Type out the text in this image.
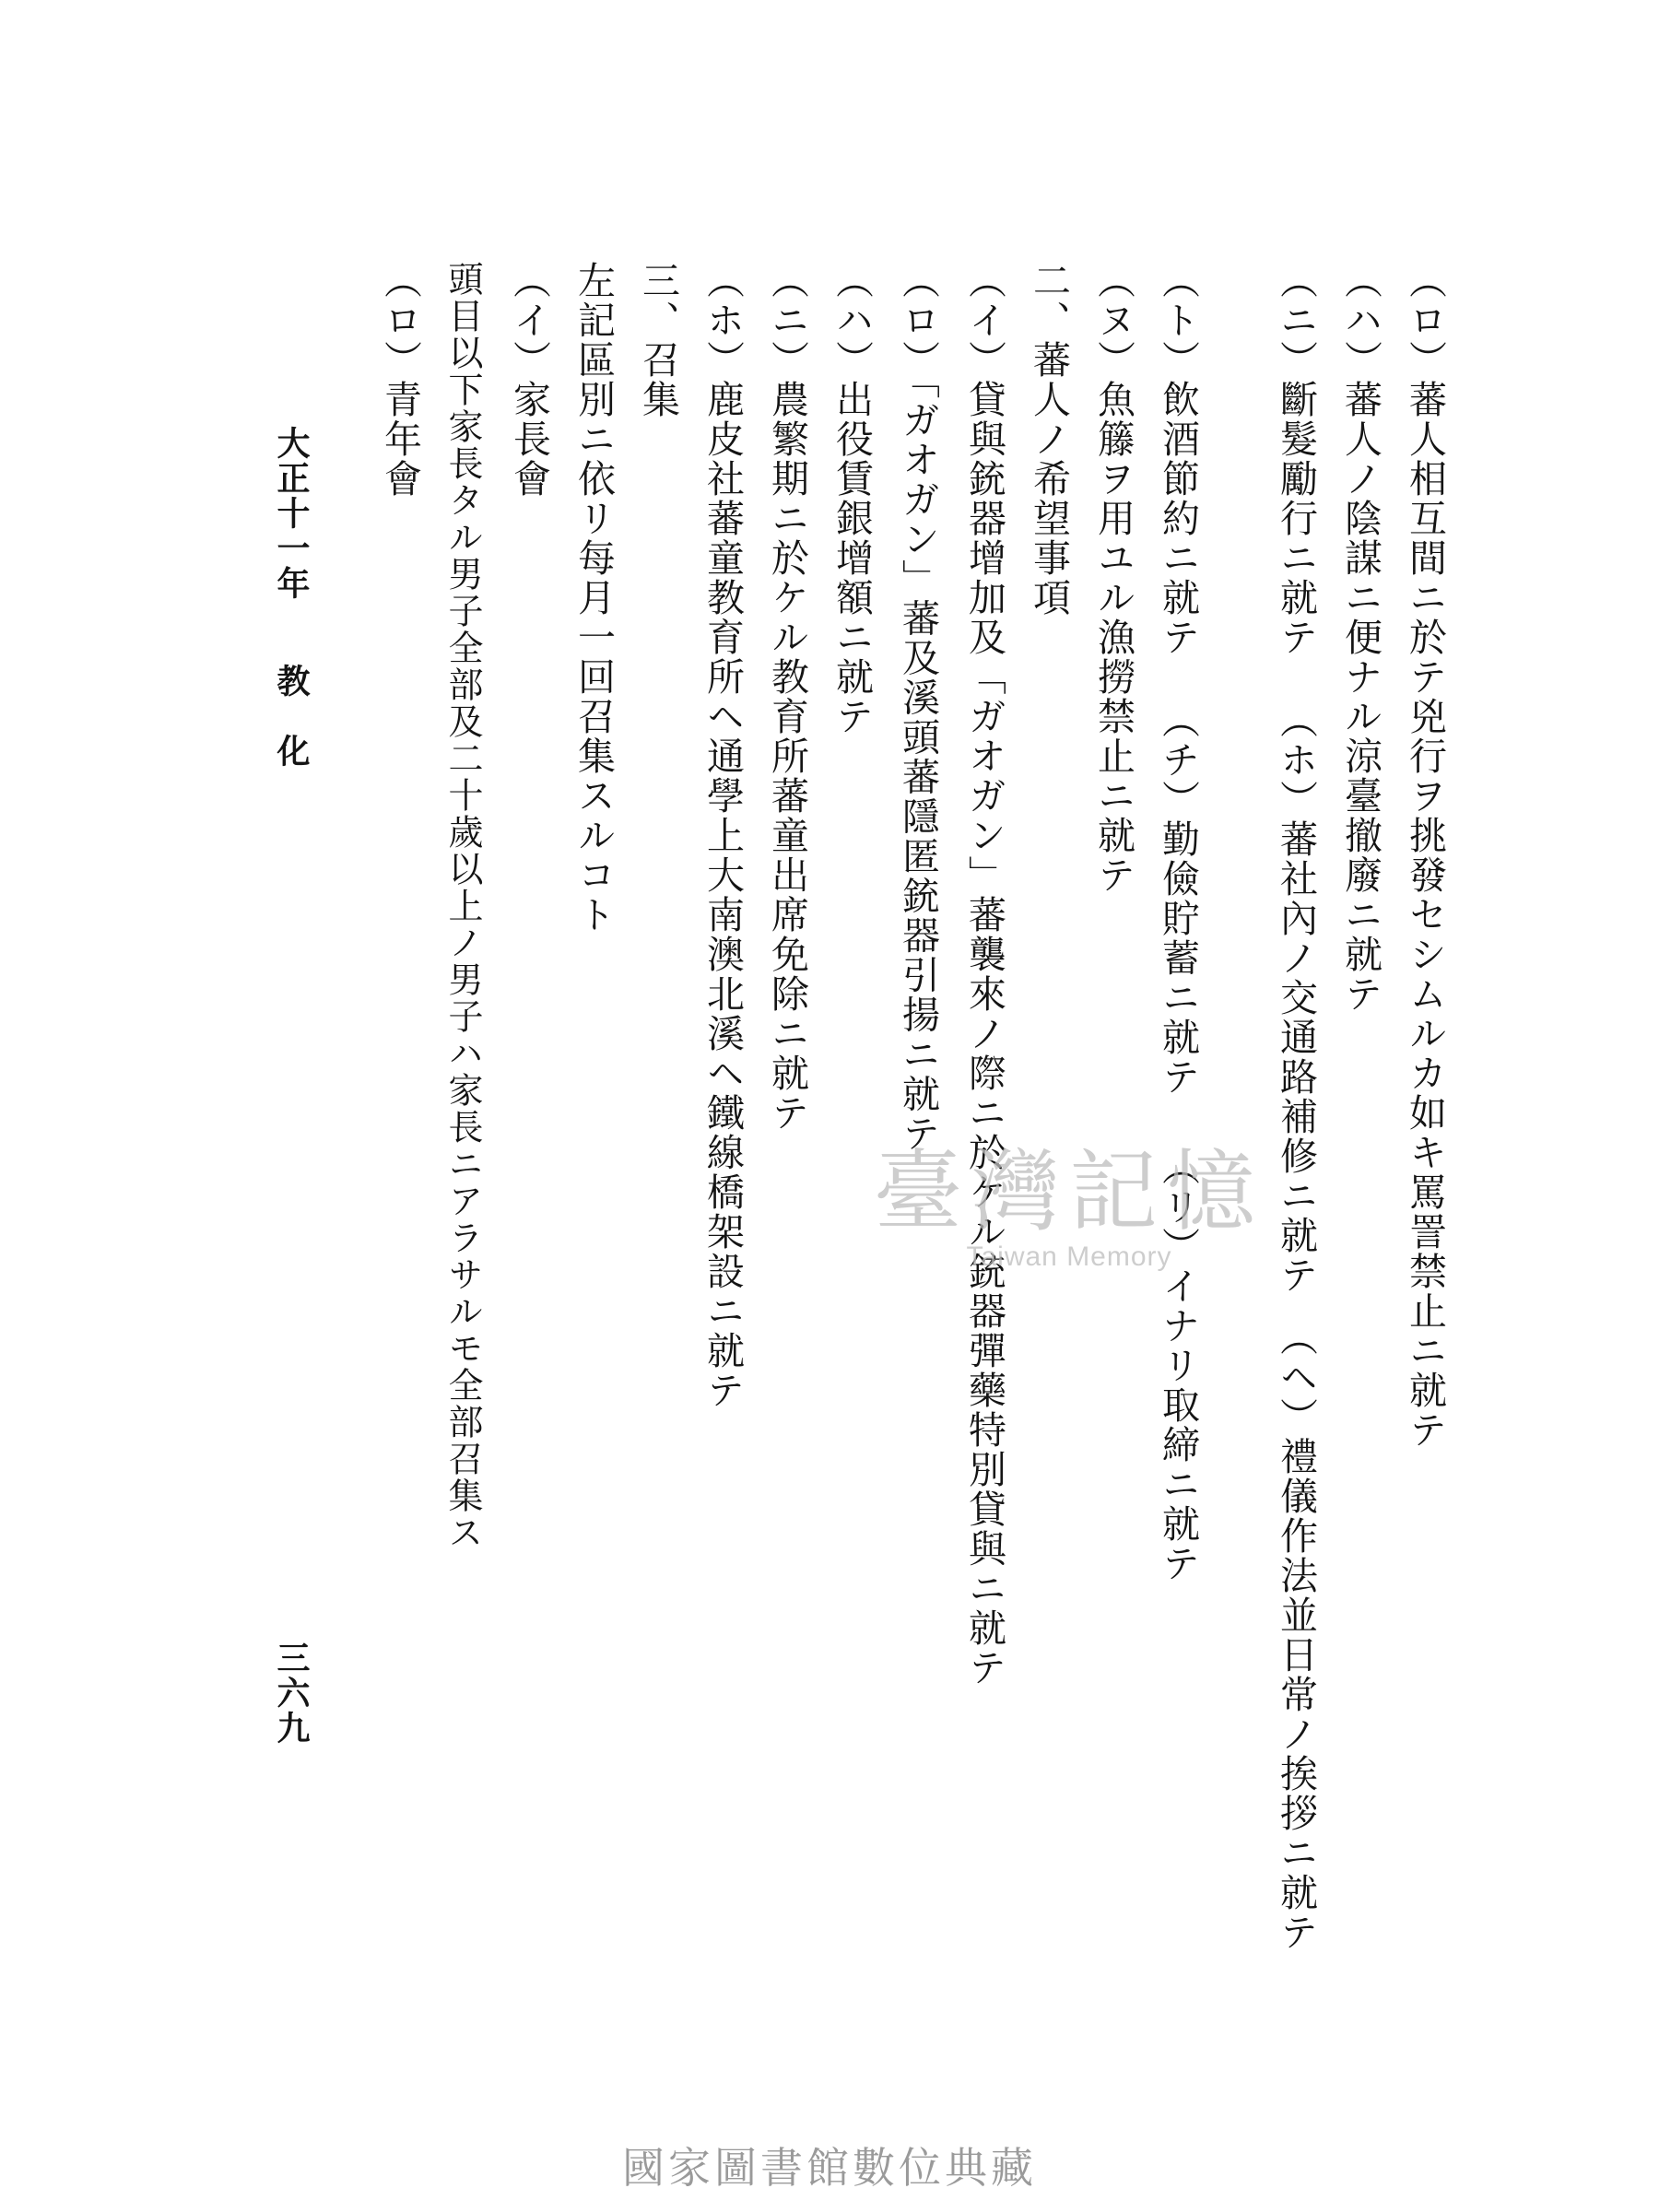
（ロ）蕃人相互間ニ於テ兇行ヲ挑發セシムルカ如キ罵詈禁止ニ就テ
（ハ）蕃人ノ陰謀ニ便ナル涼臺撤廢ニ就テ
（ニ）斷髮勵行ニ就テ
（ホ）蕃社內ノ交通路補修ニ就テ
（ヘ）禮儀作法並日常ノ挨拶ニ就テ
（ト）飲酒節約ニ就テ
（チ）勤儉貯蓄ニ就テ
（リ）イナリ取締ニ就テ
（ヌ）魚籐ヲ用ユル漁撈禁止ニ就テ
二、蕃人ノ希望事項
（イ）貸與銃器增加及「ガオガン」蕃襲來ノ際ニ於ケル銃器彈藥特別貸與ニ就テ
（ロ）「ガオガン」蕃及溪頭蕃隱匿銃器引揚ニ就テ
（ハ）出役賃銀增額ニ就テ
（ニ）農繁期ニ於ケル教育所蕃童出席免除ニ就テ
（ホ）鹿皮社蕃童教育所ヘ通學上大南澳北溪ヘ鐵線橋架設ニ就テ
三、召集
左記區別ニ依リ每月一回召集スルコト
（イ）家長會
頭目以下家長タル男子全部及二十歲以上ノ男子ハ家長ニアラサルモ全部召集ス
（ロ）青年會
大正十一年
教　化
三六九
臺灣記憶
Taiwan Memory
國家圖書館數位典藏
